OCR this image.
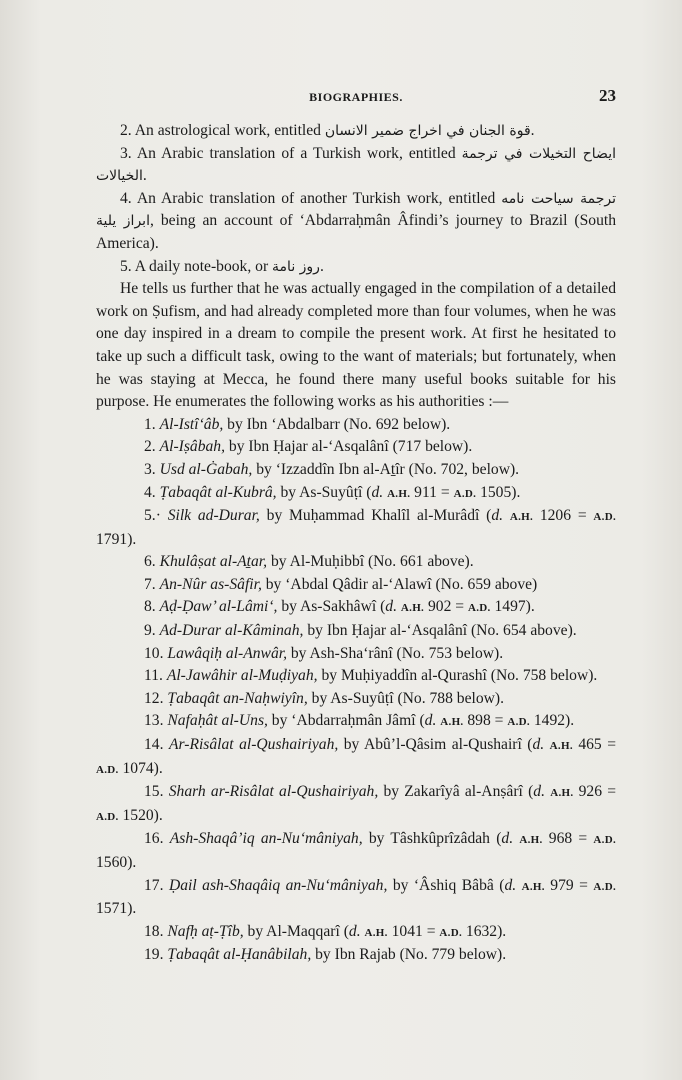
BIOGRAPHIES.	23

2. An astrological work, entitled قوة الجنان في اخراج ضمير الانسان.

3. An Arabic translation of a Turkish work, entitled ايضاح التخيلات في ترجمة الخيالات.

4. An Arabic translation of another Turkish work, entitled ترجمة سياحت نامه ابراز يلية, being an account of ‘Abdarraḥmân Âfindi’s journey to Brazil (South America).

5. A daily note-book, or روز نامة.

He tells us further that he was actually engaged in the compilation of a detailed work on Ṣufism, and had already completed more than four volumes, when he was one day inspired in a dream to compile the present work. At first he hesitated to take up such a difficult task, owing to the want of materials; but fortunately, when he was staying at Mecca, he found there many useful books suitable for his purpose. He enumerates the following works as his authorities :—

1. Al-Istî‘âb, by Ibn ‘Abdalbarr (No. 692 below).
2. Al-Iṣâbah, by Ibn Ḥajar al-‘Asqalânî (717 below).
3. Usd al-Ġabah, by ‘Izzaddîn Ibn al-Aṯîr (No. 702, below).
4. Ṭabaqât al-Kubrâ, by As-Suyûṭî (d. A.H. 911 = A.D. 1505).
5.· Silk ad-Durar, by Muḥammad Khalîl al-Murâdî (d. A.H. 1206 = A.D. 1791).
6. Khulâṣat al-Aṯar, by Al-Muḥibbî (No. 661 above).
7. An-Nûr as-Sâfir, by ‘Abdal Qâdir al-‘Alawî (No. 659 above)
8. Aḍ-Ḍaw’ al-Lâmi‘, by As-Sakhâwî (d. A.H. 902 = A.D. 1497).
9. Ad-Durar al-Kâminah, by Ibn Ḥajar al-‘Asqalânî (No. 654 above).
10. Lawâqiḥ al-Anwâr, by Ash-Sha‘rânî (No. 753 below).
11. Al-Jawâhir al-Muḍiyah, by Muḥiyaddîn al-Qurashî (No. 758 below).
12. Ṭabaqât an-Naḥwiyîn, by As-Suyûṭî (No. 788 below).
13. Nafaḥât al-Uns, by ‘Abdarraḥmân Jâmî (d. A.H. 898 = A.D. 1492).
14. Ar-Risâlat al-Qushairiyah, by Abû’l-Qâsim al-Qushairî (d. A.H. 465 = A.D. 1074).
15. Sharh ar-Risâlat al-Qushairiyah, by Zakarîyâ al-Anṣârî (d. A.H. 926 = A.D. 1520).
16. Ash-Shaqâ’iq an-Nu‘mâniyah, by Tâshkûprîzâdah (d. A.H. 968 = A.D. 1560).
17. Ḍail ash-Shaqâiq an-Nu‘mâniyah, by ‘Âshiq Bâbâ (d. A.H. 979 = A.D. 1571).
18. Nafḥ aṭ-Ṭîb, by Al-Maqqarî (d. A.H. 1041 = A.D. 1632).
19. Ṭabaqât al-Ḥanâbilah, by Ibn Rajab (No. 779 below).
